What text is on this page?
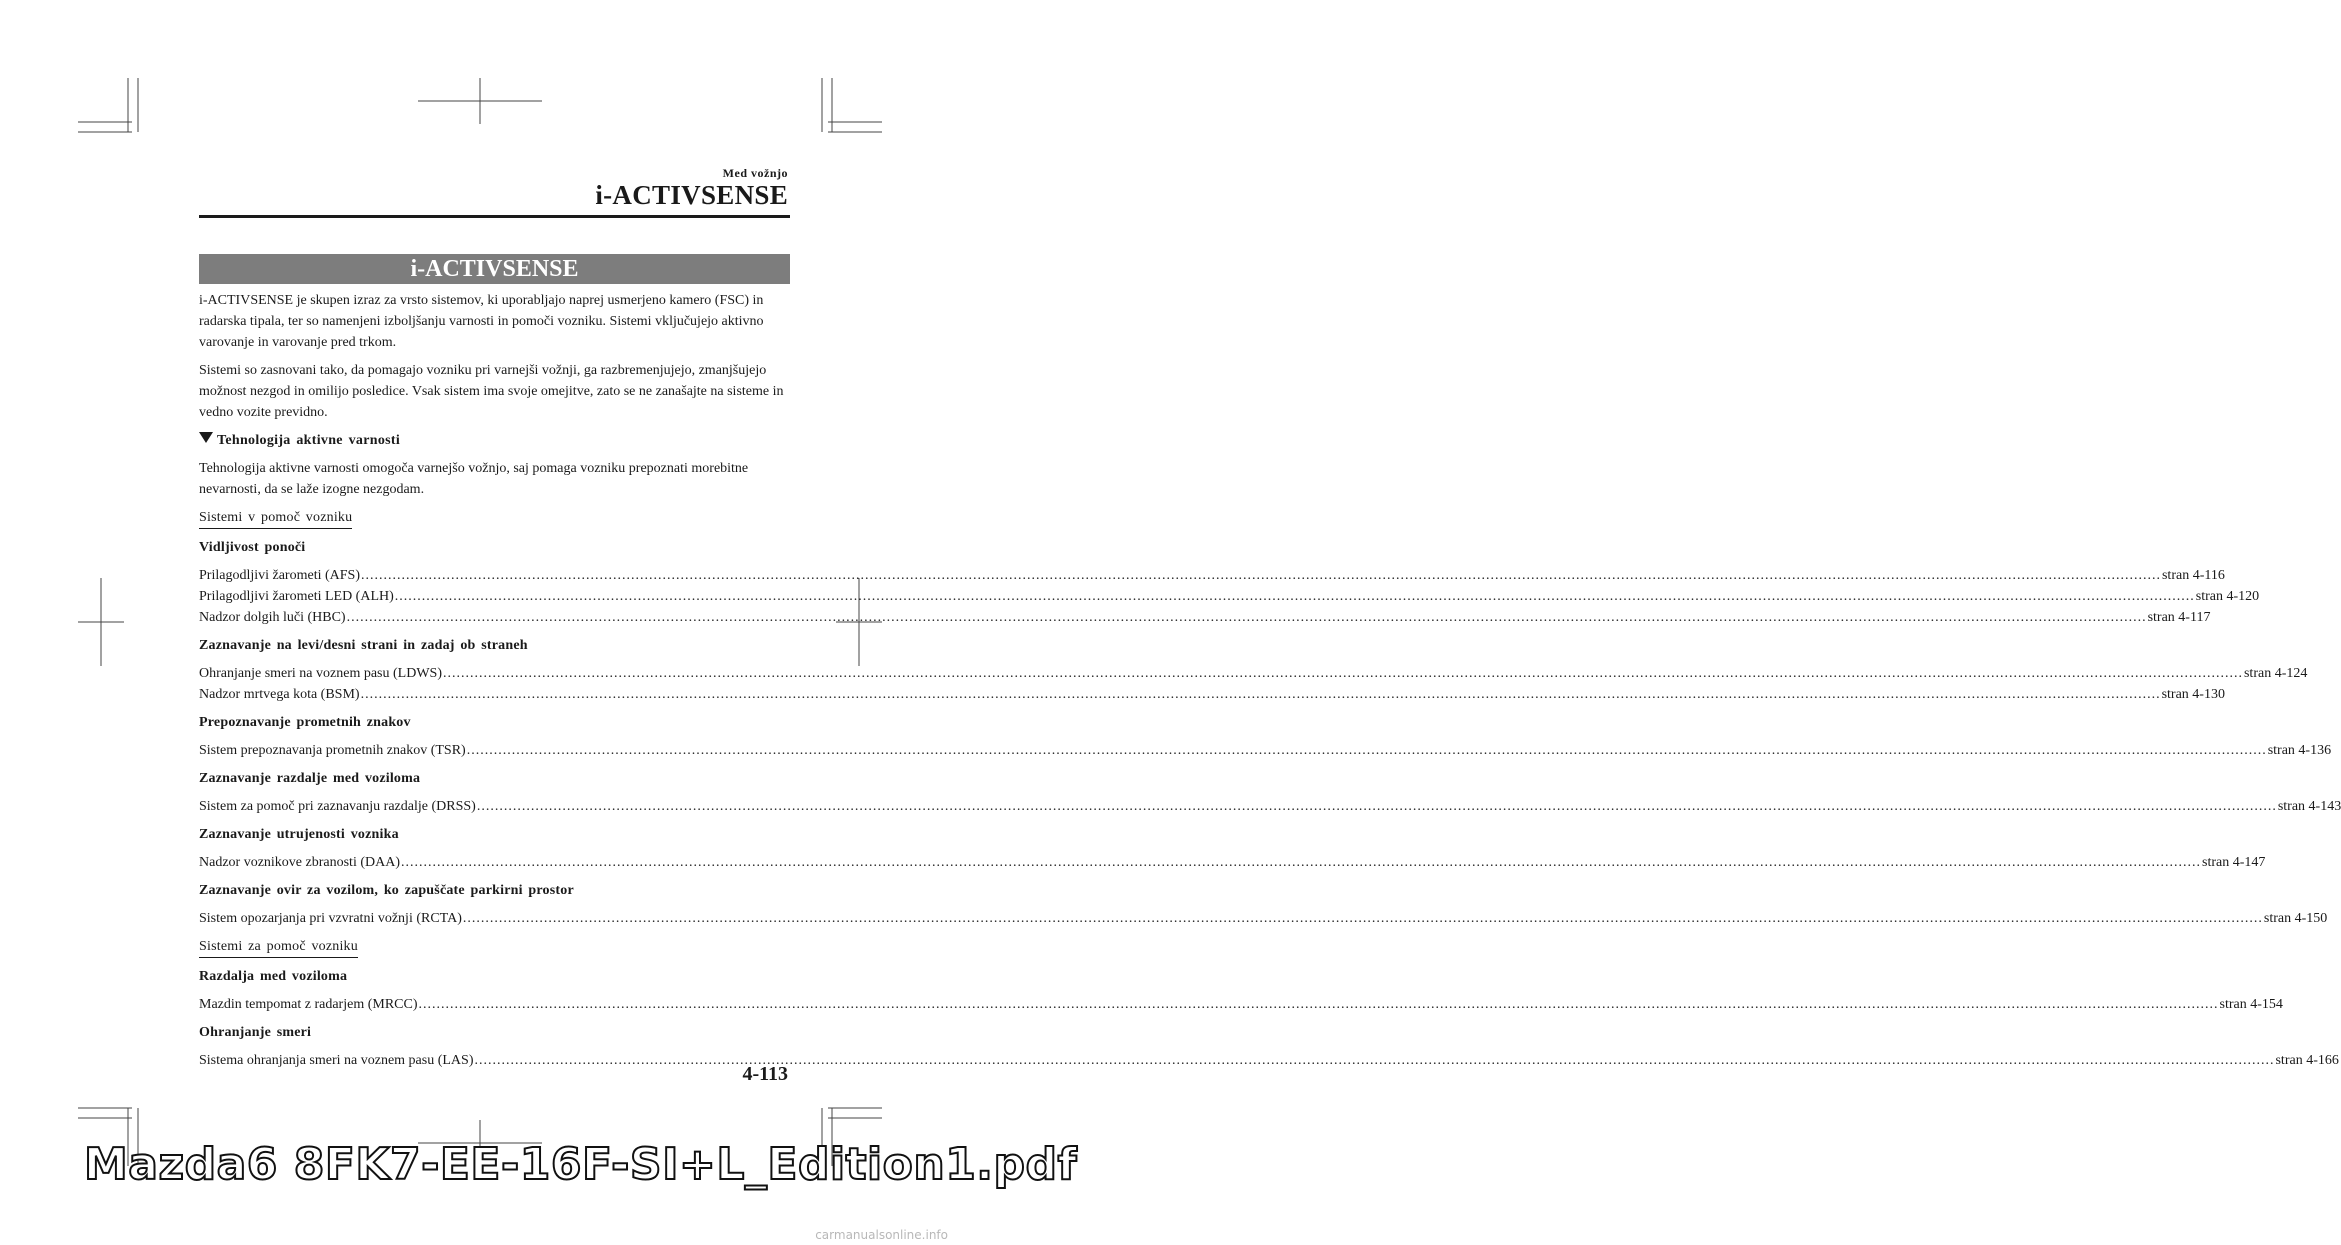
Med vožnjo
i-ACTIVSENSE
i-ACTIVSENSE

i-ACTIVSENSE je skupen izraz za vrsto sistemov, ki uporabljajo naprej usmerjeno kamero (FSC) in radarska tipala, ter so namenjeni izboljšanju varnosti in pomoči vozniku. Sistemi vključujejo aktivno varovanje in varovanje pred trkom.

Sistemi so zasnovani tako, da pomagajo vozniku pri varnejši vožnji, ga razbremenjujejo, zmanjšujejo možnost nezgod in omilijo posledice. Vsak sistem ima svoje omejitve, zato se ne zanašajte na sisteme in vedno vozite previdno.

Tehnologija aktivne varnosti

Tehnologija aktivne varnosti omogoča varnejšo vožnjo, saj pomaga vozniku prepoznati morebitne nevarnosti, da se laže izogne nezgodam.

Sistemi v pomoč vozniku
Vidljivost ponoči
Prilagodljivi žarometi (AFS) ................................................................................................................................................................................................................................................................................................................................................................................................................ stran 4-116
Prilagodljivi žarometi LED (ALH) ................................................................................................................................................................................................................................................................................................................................................................................................................ stran 4-120
Nadzor dolgih luči (HBC) ................................................................................................................................................................................................................................................................................................................................................................................................................ stran 4-117
Zaznavanje na levi/desni strani in zadaj ob straneh
Ohranjanje smeri na voznem pasu (LDWS) ................................................................................................................................................................................................................................................................................................................................................................................................................ stran 4-124
Nadzor mrtvega kota (BSM) ................................................................................................................................................................................................................................................................................................................................................................................................................ stran 4-130
Prepoznavanje prometnih znakov
Sistem prepoznavanja prometnih znakov (TSR) ................................................................................................................................................................................................................................................................................................................................................................................................................ stran 4-136
Zaznavanje razdalje med voziloma
Sistem za pomoč pri zaznavanju razdalje (DRSS) ................................................................................................................................................................................................................................................................................................................................................................................................................ stran 4-143
Zaznavanje utrujenosti voznika
Nadzor voznikove zbranosti (DAA) ................................................................................................................................................................................................................................................................................................................................................................................................................ stran 4-147
Zaznavanje ovir za vozilom, ko zapuščate parkirni prostor
Sistem opozarjanja pri vzvratni vožnji (RCTA) ................................................................................................................................................................................................................................................................................................................................................................................................................ stran 4-150
Sistemi za pomoč vozniku
Razdalja med voziloma
Mazdin tempomat z radarjem (MRCC) ................................................................................................................................................................................................................................................................................................................................................................................................................ stran 4-154
Ohranjanje smeri
Sistema ohranjanja smeri na voznem pasu (LAS) ................................................................................................................................................................................................................................................................................................................................................................................................................ stran 4-166
4-113
Mazda6 8FK7-EE-16F-SI+L_Edition1.pdf
carmanualsonline.info
